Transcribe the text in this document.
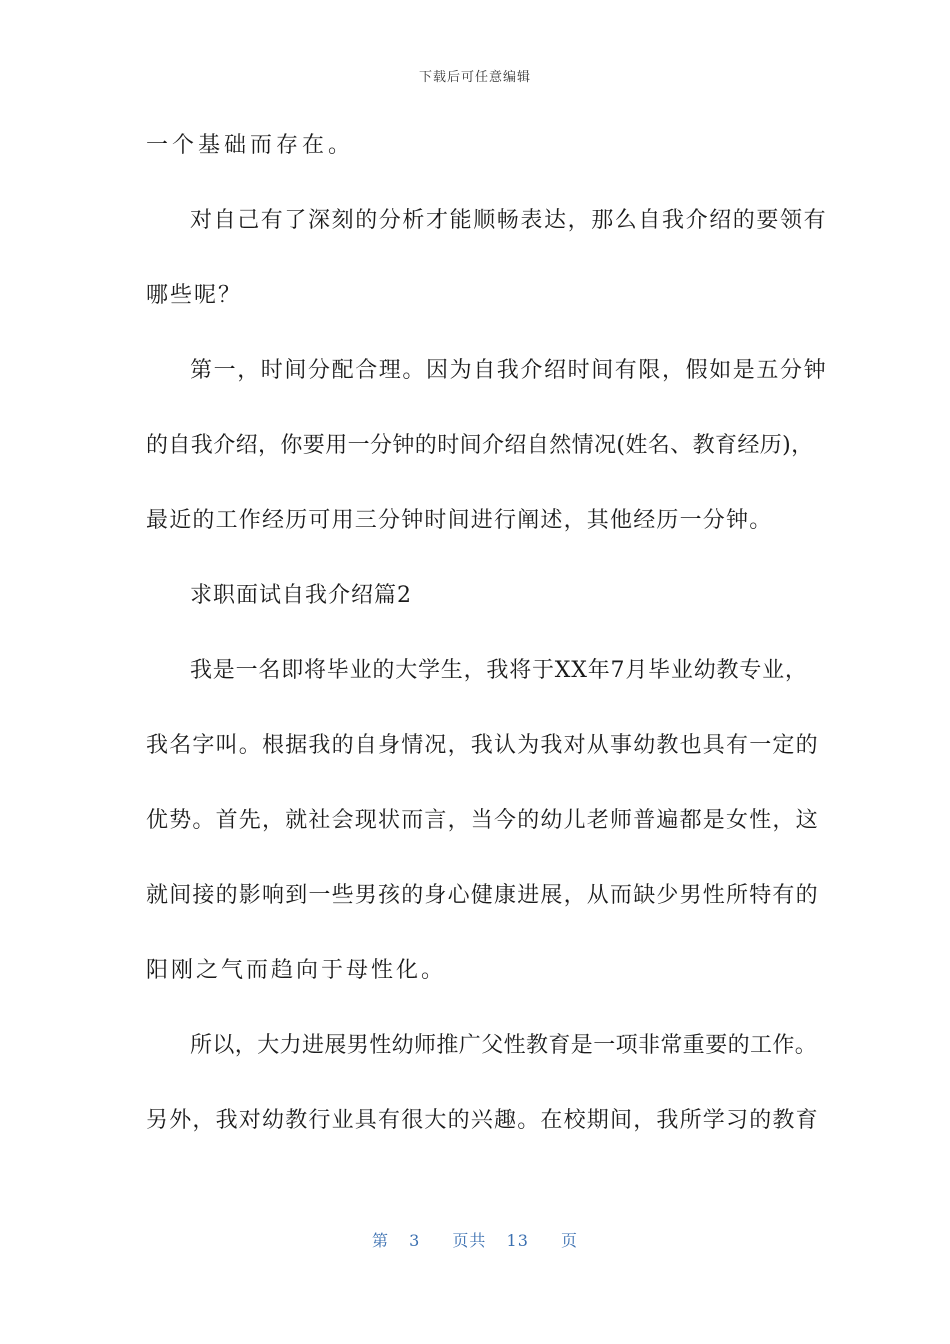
下载后可任意编辑
一个基础而存在。
对自己有了深刻的分析才能顺畅表达，那么自我介绍的要领有
哪些呢？
第一，时间分配合理。因为自我介绍时间有限，假如是五分钟
的自我介绍，你要用一分钟的时间介绍自然情况(姓名、教育经历)，
最近的工作经历可用三分钟时间进行阐述，其他经历一分钟。
求职面试自我介绍篇2
我是一名即将毕业的大学生，我将于XX年7月毕业幼教专业，
我名字叫。根据我的自身情况，我认为我对从事幼教也具有一定的
优势。首先，就社会现状而言，当今的幼儿老师普遍都是女性，这
就间接的影响到一些男孩的身心健康进展，从而缺少男性所特有的
阳刚之气而趋向于母性化。
所以，大力进展男性幼师推广父性教育是一项非常重要的工作。
另外，我对幼教行业具有很大的兴趣。在校期间，我所学习的教育
第 3 页共 13 页
